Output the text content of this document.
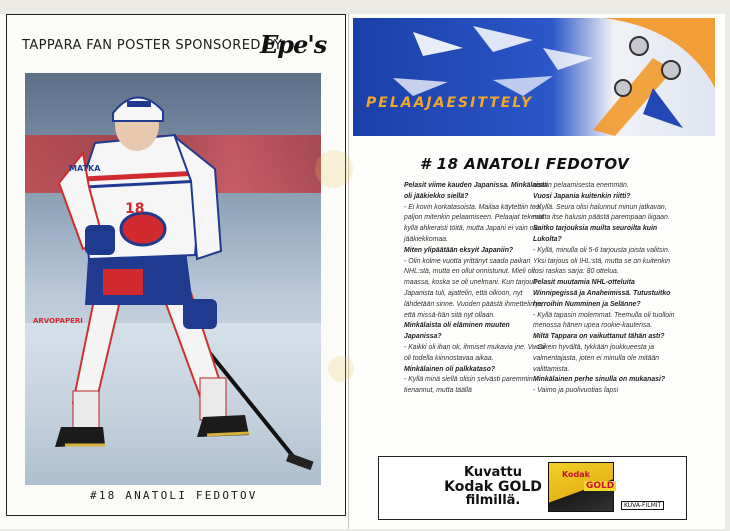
TAPPARA FAN POSTER SPONSORED BY
Epe's
MATKA
18
ARVOPAPERI
#18 ANATOLI FEDOTOV
PELAAJAESITTELY
# 18 ANATOLI FEDOTOV

Pelasit viime kauden Japanissa. Minkälaista oli jääkiekko siellä?

- Ei kovin korkatasoista. Mailaa käytettiin tosi paljon mitenkin pelaamiseen. Pelaajat tekevät kyllä ahkerasti töitä, mutta Japani ei vain ole jääkiekkomaa.

Miten ylipäätään eksyit Japaniin?

- Olin kolme vuotta yrittänyt saada paikan NHL:stä, mutta en ollut onnistunut. Mieli oli maassa, koska se oli unelmani. Kun tarjous Japanista tuli, ajattelin, että olkoon, nyt lähdetään sinne. Vuoden päästä ihmettelin jo, että missä-hän sitä nyt ollaan.

Minkälaista oli eläminen muuten Japanissa?

- Kaikki oli ihan ok, ihmiset mukavia jne. Vuosi oli todella kiinnostavaa aikaa.

Minkälainen oli palkkataso?

- Kyllä minä siellä olisin selvästi paremmin tienannut, mutta täällä

nautin pelaamisesta enemmän.

Vuosi Japania kuitenkin riitti?

- Kyllä. Seura olisi halunnut minun jatkavan, mutta itse halusin päästä parempaan liigaan.

Saitko tarjouksia muilta seuroilta kuin Lukolta?

- Kyllä, minulla oli 5-6 tarjousta joista valitsin. Yksi tarjous oli IHL:stä, mutta se on kuitenkin tosi raskas sarja: 80 ottelua.

Pelasit muutamia NHL-otteluita Winnipegissä ja Anaheimissä. Tutustuitko herroihin Numminen ja Selänne?

- Kyllä tapasin molemmat. Teemulla oli tuolloin menossa hänen upea rookie-kautensa.

Miltä Tappara on vaikuttanut tähän asti?

- Oikein hyvältä, tykkään joukkueesta ja valmentajasta, joten ei minulla ole mitään valittamista.

Minkälainen perhe sinulla on mukanasi?

- Vaimo ja puolivuotias lapsi

Kuvattu
Kodak GOLD
filmillä.
Kodak
GOLD
KUVA-FILMIT
